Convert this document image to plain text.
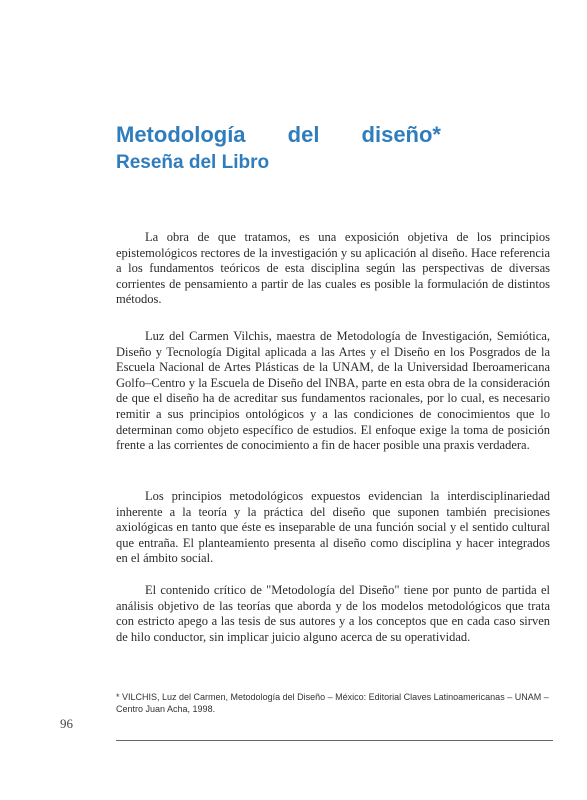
Metodología del diseño*
Reseña del Libro

La obra de que tratamos, es una exposición objetiva de los principios epistemológicos rectores de la investigación y su aplicación al diseño. Hace referencia a los fundamentos teóricos de esta disciplina según las perspectivas de diversas corrientes de pensamiento a partir de las cuales es posible la formulación de distintos métodos.

Luz del Carmen Vilchis, maestra de Metodología de Investigación, Semiótica, Diseño y Tecnología Digital aplicada a las Artes y el Diseño en los Posgrados de la Escuela Nacional de Artes Plásticas de la UNAM, de la Universidad Iberoamericana Golfo–Centro y la Escuela de Diseño del INBA, parte en esta obra de la consideración de que el diseño ha de acreditar sus fundamentos racionales, por lo cual, es necesario remitir a sus principios ontológicos y a las condiciones de conocimientos que lo determinan como objeto específico de estudios. El enfoque exige la toma de posición frente a las corrientes de conocimiento a fin de hacer posible una praxis verdadera.

Los principios metodológicos expuestos evidencian la interdisciplinariedad inherente a la teoría y la práctica del diseño que suponen también precisiones axiológicas en tanto que éste es inseparable de una función social y el sentido cultural que entraña. El planteamiento presenta al diseño como disciplina y hacer integrados en el ámbito social.

El contenido crítico de "Metodología del Diseño" tiene por punto de partida el análisis objetivo de las teorías que aborda y de los modelos metodológicos que trata con estricto apego a las tesis de sus autores y a los conceptos que en cada caso sirven de hilo conductor, sin implicar juicio alguno acerca de su operatividad.

* VILCHIS, Luz del Carmen, Metodología del Diseño – México: Editorial Claves Latinoamericanas – UNAM – Centro Juan Acha, 1998.

96
